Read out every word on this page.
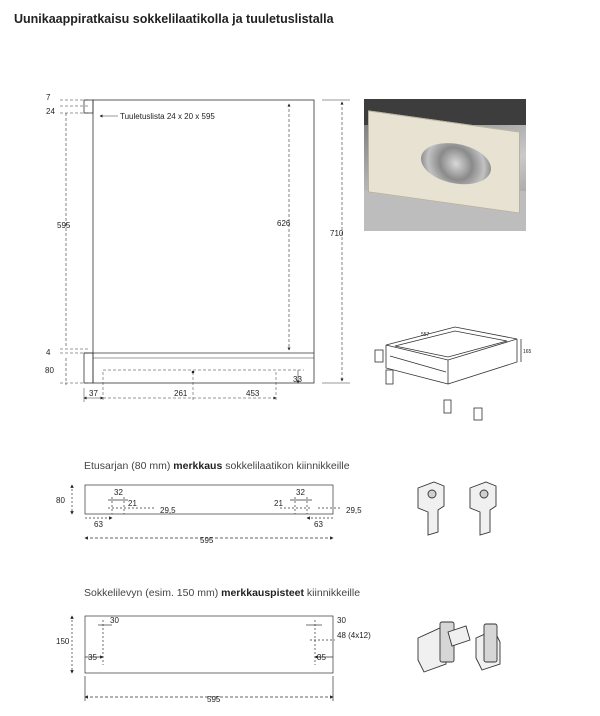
Uunikaappiratkaisu sokkelilaatikolla ja tuuletuslistalla
Tuuletuslista 24 x 20 x 595
7
24
595	626
710
4
80
33
37	261	453
557
165
80
32
21
29,5
32
21
29,5
63	63
595
30	30
48 (4x12)
150
35	35
595
Etusarjan (80 mm) merkkaus sokkelilaatikon kiinnikkeille
Sokkelilevyn (esim. 150 mm) merkkauspisteet kiinnikkeille
